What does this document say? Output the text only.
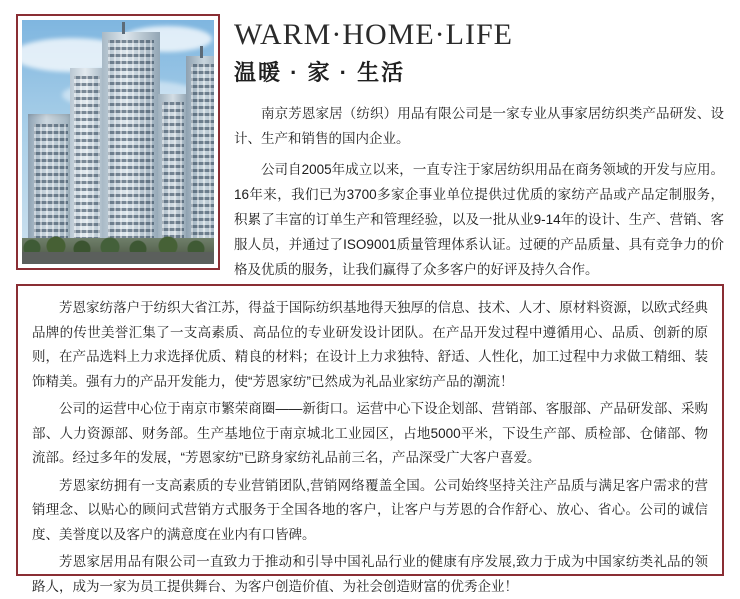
WARM·HOME·LIFE
温暖 · 家 · 生活

南京芳恩家居（纺织）用品有限公司是一家专业从事家居纺织类产品研发、设计、生产和销售的国内企业。

公司自2005年成立以来，一直专注于家居纺织用品在商务领域的开发与应用。16年来，我们已为3700多家企事业单位提供过优质的家纺产品或产品定制服务，积累了丰富的订单生产和管理经验，以及一批从业9-14年的设计、生产、营销、客服人员，并通过了ISO9001质量管理体系认证。过硬的产品质量、具有竞争力的价格及优质的服务，让我们赢得了众多客户的好评及持久合作。

芳恩家纺落户于纺织大省江苏，得益于国际纺织基地得天独厚的信息、技术、人才、原材料资源，以欧式经典品牌的传世美誉汇集了一支高素质、高品位的专业研发设计团队。在产品开发过程中遵循用心、品质、创新的原则，在产品选料上力求选择优质、精良的材料；在设计上力求独特、舒适、人性化，加工过程中力求做工精细、装饰精美。强有力的产品开发能力，使“芳恩家纺”已然成为礼品业家纺产品的潮流！

公司的运营中心位于南京市繁荣商圈——新街口。运营中心下设企划部、营销部、客服部、产品研发部、采购部、人力资源部、财务部。生产基地位于南京城北工业园区，占地5000平米，下设生产部、质检部、仓储部、物流部。经过多年的发展，“芳恩家纺”已跻身家纺礼品前三名，产品深受广大客户喜爱。

芳恩家纺拥有一支高素质的专业营销团队,营销网络覆盖全国。公司始终坚持关注产品质与满足客户需求的营销理念、以贴心的顾问式营销方式服务于全国各地的客户，让客户与芳恩的合作舒心、放心、省心。公司的诚信度、美誉度以及客户的满意度在业内有口皆碑。

芳恩家居用品有限公司一直致力于推动和引导中国礼品行业的健康有序发展,致力于成为中国家纺类礼品的领路人，成为一家为员工提供舞台、为客户创造价值、为社会创造财富的优秀企业！
